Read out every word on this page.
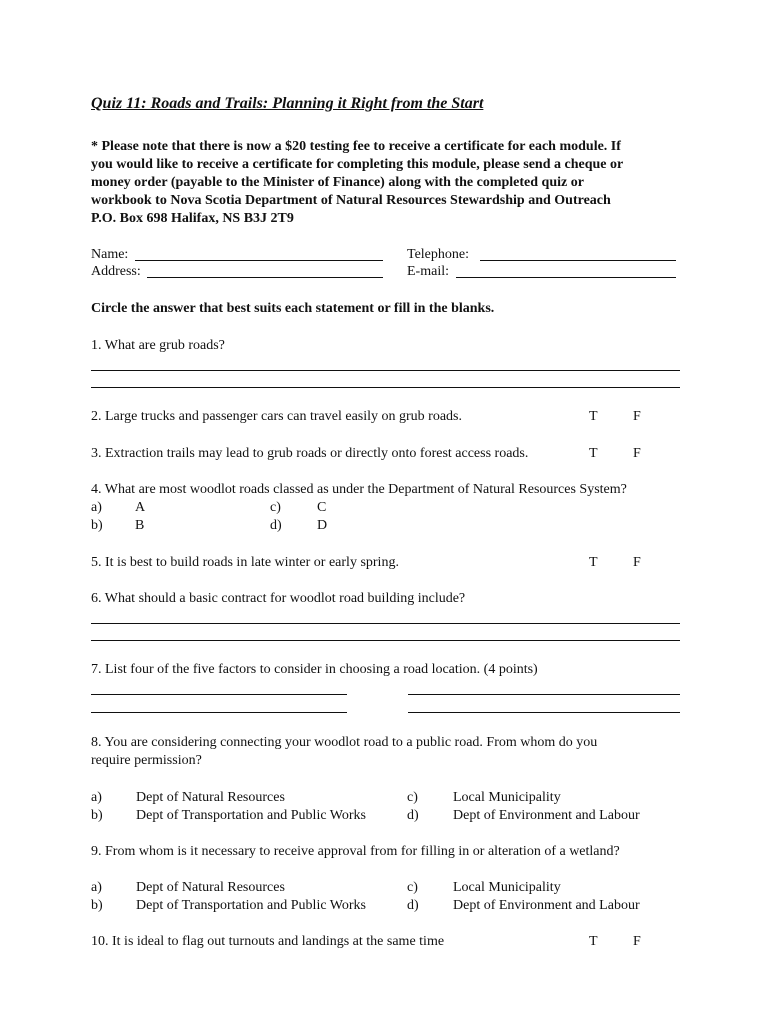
Quiz 11: Roads and Trails: Planning it Right from the Start
* Please note that there is now a $20 testing fee to receive a certificate for each module. If
you would like to receive a certificate for completing this module, please send a cheque or
money order (payable to the Minister of Finance) along with the completed quiz or
workbook to Nova Scotia Department of Natural Resources Stewardship and Outreach
P.O. Box 698 Halifax, NS B3J 2T9
Name:
Address:
Telephone:
E-mail:
Circle the answer that best suits each statement or fill in the blanks.
1. What are grub roads?
2. Large trucks and passenger cars can travel easily on grub roads.	T	F
3. Extraction trails may lead to grub roads or directly onto forest access roads.	T	F
4. What are most woodlot roads classed as under the Department of Natural Resources System?
a) A
b) B
c)	C
d)	D
5. It is best to build roads in late winter or early spring.	T	F
6. What should a basic contract for woodlot road building include?
7. List four of the five factors to consider in choosing a road location. (4 points)
8. You are considering connecting your woodlot road to a public road. From whom do you
require permission?
a) Dept of Natural Resources
b) Dept of Transportation and Public Works
c)	Local Municipality
d) Dept of Environment and Labour
9. From whom is it necessary to receive approval from for filling in or alteration of a wetland?
a) Dept of Natural Resources
b) Dept of Transportation and Public Works
c)	Local Municipality
d) Dept of Environment and Labour
10. It is ideal to flag out turnouts and landings at the same time	T	F
